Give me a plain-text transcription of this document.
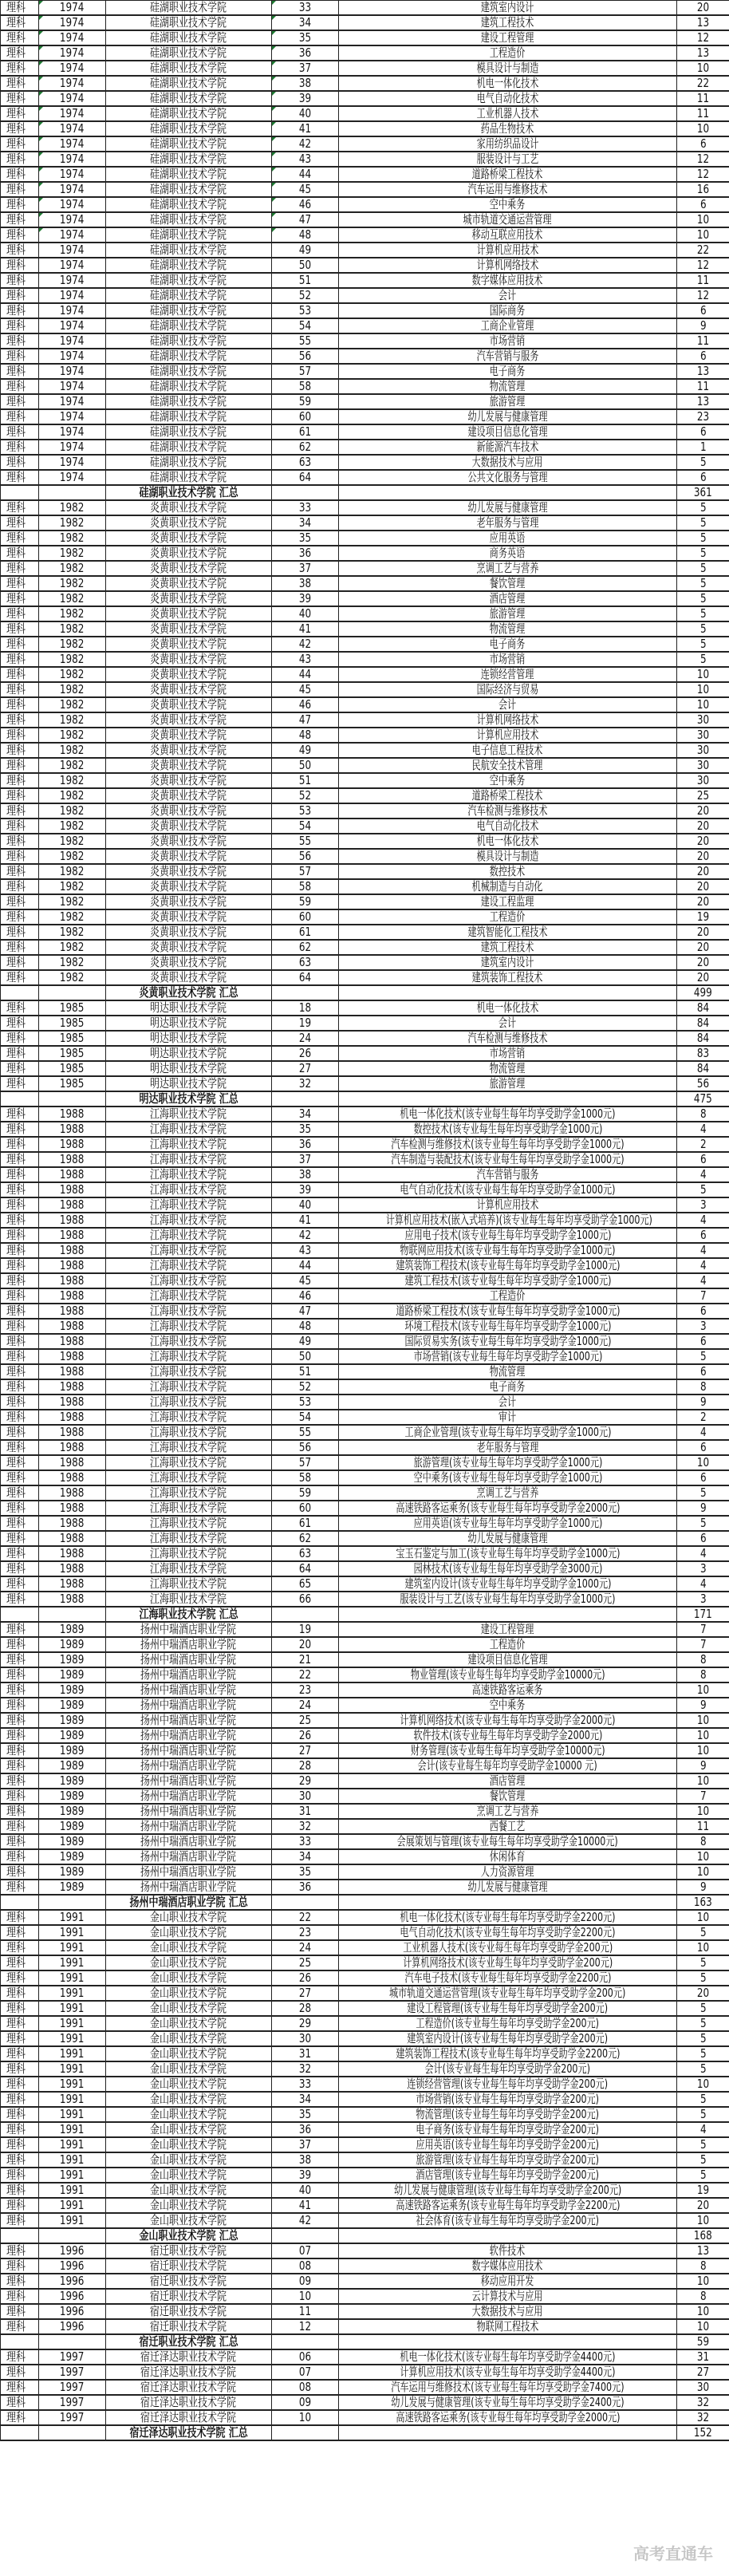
理科	1974	硅湖职业技术学院	33	建筑室内设计	20
理科	1974	硅湖职业技术学院	34	建筑工程技术	13
理科	1974	硅湖职业技术学院	35	建设工程管理	12
理科	1974	硅湖职业技术学院	36	工程造价	13
理科	1974	硅湖职业技术学院	37	模具设计与制造	10
理科	1974	硅湖职业技术学院	38	机电一体化技术	22
理科	1974	硅湖职业技术学院	39	电气自动化技术	11
理科	1974	硅湖职业技术学院	40	工业机器人技术	11
理科	1974	硅湖职业技术学院	41	药品生物技术	10
理科	1974	硅湖职业技术学院	42	家用纺织品设计	6
理科	1974	硅湖职业技术学院	43	服装设计与工艺	12
理科	1974	硅湖职业技术学院	44	道路桥梁工程技术	12
理科	1974	硅湖职业技术学院	45	汽车运用与维修技术	16
理科	1974	硅湖职业技术学院	46	空中乘务	6
理科	1974	硅湖职业技术学院	47	城市轨道交通运营管理	10
理科	1974	硅湖职业技术学院	48	移动互联应用技术	10
理科	1974	硅湖职业技术学院	49	计算机应用技术	22
理科	1974	硅湖职业技术学院	50	计算机网络技术	12
理科	1974	硅湖职业技术学院	51	数字媒体应用技术	11
理科	1974	硅湖职业技术学院	52	会计	12
理科	1974	硅湖职业技术学院	53	国际商务	6
理科	1974	硅湖职业技术学院	54	工商企业管理	9
理科	1974	硅湖职业技术学院	55	市场营销	11
理科	1974	硅湖职业技术学院	56	汽车营销与服务	6
理科	1974	硅湖职业技术学院	57	电子商务	13
理科	1974	硅湖职业技术学院	58	物流管理	11
理科	1974	硅湖职业技术学院	59	旅游管理	13
理科	1974	硅湖职业技术学院	60	幼儿发展与健康管理	23
理科	1974	硅湖职业技术学院	61	建设项目信息化管理	6
理科	1974	硅湖职业技术学院	62	新能源汽车技术	1
理科	1974	硅湖职业技术学院	63	大数据技术与应用	5
理科	1974	硅湖职业技术学院	64	公共文化服务与管理	6
		硅湖职业技术学院 汇总			361
理科	1982	炎黄职业技术学院	33	幼儿发展与健康管理	5
理科	1982	炎黄职业技术学院	34	老年服务与管理	5
理科	1982	炎黄职业技术学院	35	应用英语	5
理科	1982	炎黄职业技术学院	36	商务英语	5
理科	1982	炎黄职业技术学院	37	烹调工艺与营养	5
理科	1982	炎黄职业技术学院	38	餐饮管理	5
理科	1982	炎黄职业技术学院	39	酒店管理	5
理科	1982	炎黄职业技术学院	40	旅游管理	5
理科	1982	炎黄职业技术学院	41	物流管理	5
理科	1982	炎黄职业技术学院	42	电子商务	5
理科	1982	炎黄职业技术学院	43	市场营销	5
理科	1982	炎黄职业技术学院	44	连锁经营管理	10
理科	1982	炎黄职业技术学院	45	国际经济与贸易	10
理科	1982	炎黄职业技术学院	46	会计	10
理科	1982	炎黄职业技术学院	47	计算机网络技术	30
理科	1982	炎黄职业技术学院	48	计算机应用技术	30
理科	1982	炎黄职业技术学院	49	电子信息工程技术	30
理科	1982	炎黄职业技术学院	50	民航安全技术管理	30
理科	1982	炎黄职业技术学院	51	空中乘务	30
理科	1982	炎黄职业技术学院	52	道路桥梁工程技术	25
理科	1982	炎黄职业技术学院	53	汽车检测与维修技术	20
理科	1982	炎黄职业技术学院	54	电气自动化技术	20
理科	1982	炎黄职业技术学院	55	机电一体化技术	20
理科	1982	炎黄职业技术学院	56	模具设计与制造	20
理科	1982	炎黄职业技术学院	57	数控技术	20
理科	1982	炎黄职业技术学院	58	机械制造与自动化	20
理科	1982	炎黄职业技术学院	59	建设工程监理	20
理科	1982	炎黄职业技术学院	60	工程造价	19
理科	1982	炎黄职业技术学院	61	建筑智能化工程技术	20
理科	1982	炎黄职业技术学院	62	建筑工程技术	20
理科	1982	炎黄职业技术学院	63	建筑室内设计	20
理科	1982	炎黄职业技术学院	64	建筑装饰工程技术	20
		炎黄职业技术学院 汇总			499
理科	1985	明达职业技术学院	18	机电一体化技术	84
理科	1985	明达职业技术学院	19	会计	84
理科	1985	明达职业技术学院	24	汽车检测与维修技术	84
理科	1985	明达职业技术学院	26	市场营销	83
理科	1985	明达职业技术学院	27	物流管理	84
理科	1985	明达职业技术学院	32	旅游管理	56
		明达职业技术学院 汇总			475
理科	1988	江海职业技术学院	34	机电一体化技术(该专业每生每年均享受助学金1000元)	8
理科	1988	江海职业技术学院	35	数控技术(该专业每生每年均享受助学金1000元)	4
理科	1988	江海职业技术学院	36	汽车检测与维修技术(该专业每生每年均享受助学金1000元)	2
理科	1988	江海职业技术学院	37	汽车制造与装配技术(该专业每生每年均享受助学金1000元)	6
理科	1988	江海职业技术学院	38	汽车营销与服务	4
理科	1988	江海职业技术学院	39	电气自动化技术(该专业每生每年均享受助学金1000元)	5
理科	1988	江海职业技术学院	40	计算机应用技术	3
理科	1988	江海职业技术学院	41	计算机应用技术(嵌入式培养)(该专业每生每年均享受助学金1000元)	4
理科	1988	江海职业技术学院	42	应用电子技术(该专业每生每年均享受助学金1000元)	6
理科	1988	江海职业技术学院	43	物联网应用技术(该专业每生每年均享受助学金1000元)	4
理科	1988	江海职业技术学院	44	建筑装饰工程技术(该专业每生每年均享受助学金1000元)	4
理科	1988	江海职业技术学院	45	建筑工程技术(该专业每生每年均享受助学金1000元)	4
理科	1988	江海职业技术学院	46	工程造价	7
理科	1988	江海职业技术学院	47	道路桥梁工程技术(该专业每生每年均享受助学金1000元)	6
理科	1988	江海职业技术学院	48	环境工程技术(该专业每生每年均享受助学金1000元)	3
理科	1988	江海职业技术学院	49	国际贸易实务(该专业每生每年均享受助学金1000元)	6
理科	1988	江海职业技术学院	50	市场营销(该专业每生每年均享受助学金1000元)	5
理科	1988	江海职业技术学院	51	物流管理	6
理科	1988	江海职业技术学院	52	电子商务	8
理科	1988	江海职业技术学院	53	会计	9
理科	1988	江海职业技术学院	54	审计	2
理科	1988	江海职业技术学院	55	工商企业管理(该专业每生每年均享受助学金1000元)	4
理科	1988	江海职业技术学院	56	老年服务与管理	6
理科	1988	江海职业技术学院	57	旅游管理(该专业每生每年均享受助学金1000元)	10
理科	1988	江海职业技术学院	58	空中乘务(该专业每生每年均享受助学金1000元)	6
理科	1988	江海职业技术学院	59	烹调工艺与营养	5
理科	1988	江海职业技术学院	60	高速铁路客运乘务(该专业每生每年均享受助学金2000元)	9
理科	1988	江海职业技术学院	61	应用英语(该专业每生每年均享受助学金1000元)	5
理科	1988	江海职业技术学院	62	幼儿发展与健康管理	6
理科	1988	江海职业技术学院	63	宝玉石鉴定与加工(该专业每生每年均享受助学金1000元)	4
理科	1988	江海职业技术学院	64	园林技术(该专业每生每年均享受助学金3000元)	3
理科	1988	江海职业技术学院	65	建筑室内设计(该专业每生每年均享受助学金1000元)	4
理科	1988	江海职业技术学院	66	服装设计与工艺(该专业每生每年均享受助学金1000元)	3
		江海职业技术学院 汇总			171
理科	1989	扬州中瑞酒店职业学院	19	建设工程管理	7
理科	1989	扬州中瑞酒店职业学院	20	工程造价	7
理科	1989	扬州中瑞酒店职业学院	21	建设项目信息化管理	8
理科	1989	扬州中瑞酒店职业学院	22	物业管理(该专业每生每年均享受助学金10000元)	8
理科	1989	扬州中瑞酒店职业学院	23	高速铁路客运乘务	10
理科	1989	扬州中瑞酒店职业学院	24	空中乘务	9
理科	1989	扬州中瑞酒店职业学院	25	计算机网络技术(该专业每生每年均享受助学金2000元)	10
理科	1989	扬州中瑞酒店职业学院	26	软件技术(该专业每生每年均享受助学金2000元)	10
理科	1989	扬州中瑞酒店职业学院	27	财务管理(该专业每生每年均享受助学金10000元)	10
理科	1989	扬州中瑞酒店职业学院	28	会计(该专业每生每年均享受助学金10000 元)	9
理科	1989	扬州中瑞酒店职业学院	29	酒店管理	10
理科	1989	扬州中瑞酒店职业学院	30	餐饮管理	7
理科	1989	扬州中瑞酒店职业学院	31	烹调工艺与营养	10
理科	1989	扬州中瑞酒店职业学院	32	西餐工艺	11
理科	1989	扬州中瑞酒店职业学院	33	会展策划与管理(该专业每生每年均享受助学金10000元)	8
理科	1989	扬州中瑞酒店职业学院	34	休闲体育	10
理科	1989	扬州中瑞酒店职业学院	35	人力资源管理	10
理科	1989	扬州中瑞酒店职业学院	36	幼儿发展与健康管理	9
		扬州中瑞酒店职业学院 汇总			163
理科	1991	金山职业技术学院	22	机电一体化技术(该专业每生每年均享受助学金2200元)	10
理科	1991	金山职业技术学院	23	电气自动化技术(该专业每生每年均享受助学金2200元)	5
理科	1991	金山职业技术学院	24	工业机器人技术(该专业每生每年均享受助学金200元)	10
理科	1991	金山职业技术学院	25	计算机网络技术(该专业每生每年均享受助学金200元)	5
理科	1991	金山职业技术学院	26	汽车电子技术(该专业每生每年均享受助学金2200元)	5
理科	1991	金山职业技术学院	27	城市轨道交通运营管理(该专业每生每年均享受助学金200元)	20
理科	1991	金山职业技术学院	28	建设工程管理(该专业每生每年均享受助学金200元)	5
理科	1991	金山职业技术学院	29	工程造价(该专业每生每年均享受助学金200元)	5
理科	1991	金山职业技术学院	30	建筑室内设计(该专业每生每年均享受助学金200元)	5
理科	1991	金山职业技术学院	31	建筑装饰工程技术(该专业每生每年均享受助学金2200元)	5
理科	1991	金山职业技术学院	32	会计(该专业每生每年均享受助学金200元)	5
理科	1991	金山职业技术学院	33	连锁经营管理(该专业每生每年均享受助学金200元)	10
理科	1991	金山职业技术学院	34	市场营销(该专业每生每年均享受助学金200元)	5
理科	1991	金山职业技术学院	35	物流管理(该专业每生每年均享受助学金200元)	5
理科	1991	金山职业技术学院	36	电子商务(该专业每生每年均享受助学金200元)	4
理科	1991	金山职业技术学院	37	应用英语(该专业每生每年均享受助学金200元)	5
理科	1991	金山职业技术学院	38	旅游管理(该专业每生每年均享受助学金200元)	5
理科	1991	金山职业技术学院	39	酒店管理(该专业每生每年均享受助学金200元)	5
理科	1991	金山职业技术学院	40	幼儿发展与健康管理(该专业每生每年均享受助学金200元)	19
理科	1991	金山职业技术学院	41	高速铁路客运乘务(该专业每生每年均享受助学金2200元)	20
理科	1991	金山职业技术学院	42	社会体育(该专业每生每年均享受助学金200元)	10
		金山职业技术学院 汇总			168
理科	1996	宿迁职业技术学院	07	软件技术	13
理科	1996	宿迁职业技术学院	08	数字媒体应用技术	8
理科	1996	宿迁职业技术学院	09	移动应用开发	10
理科	1996	宿迁职业技术学院	10	云计算技术与应用	8
理科	1996	宿迁职业技术学院	11	大数据技术与应用	10
理科	1996	宿迁职业技术学院	12	物联网工程技术	10
		宿迁职业技术学院 汇总			59
理科	1997	宿迁泽达职业技术学院	06	机电一体化技术(该专业每生每年均享受助学金4400元)	31
理科	1997	宿迁泽达职业技术学院	07	计算机应用技术(该专业每生每年均享受助学金4400元)	27
理科	1997	宿迁泽达职业技术学院	08	汽车运用与维修技术(该专业每生每年均享受助学金7400元)	30
理科	1997	宿迁泽达职业技术学院	09	幼儿发展与健康管理(该专业每生每年均享受助学金2400元)	32
理科	1997	宿迁泽达职业技术学院	10	高速铁路客运乘务(该专业每生每年均享受助学金2000元)	32
		宿迁泽达职业技术学院 汇总			152
高考直通车
